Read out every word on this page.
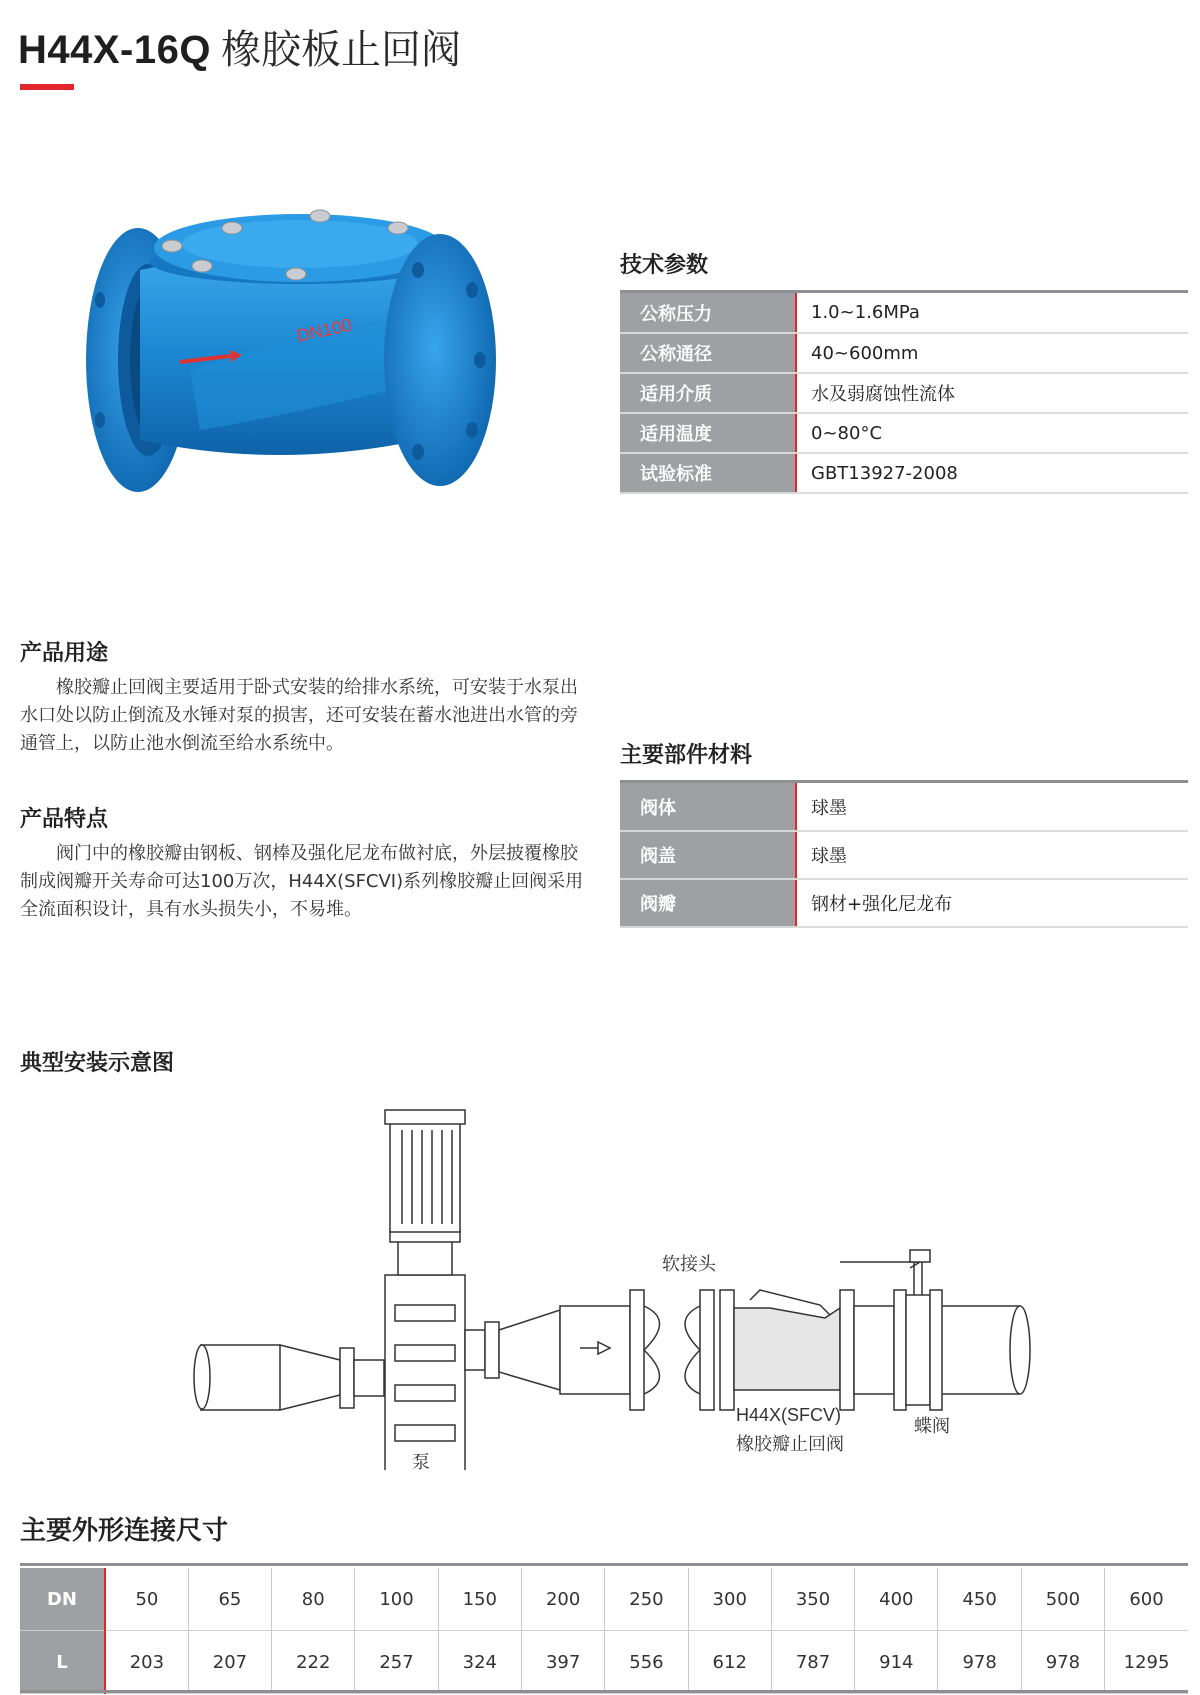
H44X-16Q 橡胶板止回阀
DN100
技术参数
公称压力	1.0~1.6MPa
公称通径	40~600mm
适用介质	水及弱腐蚀性流体
适用温度	0~80°C
试验标准	GBT13927-2008
产品用途
橡胶瓣止回阀主要适用于卧式安装的给排水系统，可安装于水泵出水口处以防止倒流及水锤对泵的损害，还可安装在蓄水池进出水管的旁通管上，以防止池水倒流至给水系统中。
产品特点
阀门中的橡胶瓣由钢板、钢棒及强化尼龙布做衬底，外层披覆橡胶制成阀瓣开关寿命可达100万次，H44X(SFCVI)系列橡胶瓣止回阀采用全流面积设计，具有水头损失小，不易堆。
主要部件材料
阀体	球墨
阀盖	球墨
阀瓣	钢材+强化尼龙布
典型安装示意图
泵
软接头
H44X(SFCV)
橡胶瓣止回阀
蝶阀
主要外形连接尺寸
DN	50	65	80	100	150	200	250	300	350	400	450	500	600
L	203	207	222	257	324	397	556	612	787	914	978	978	1295
